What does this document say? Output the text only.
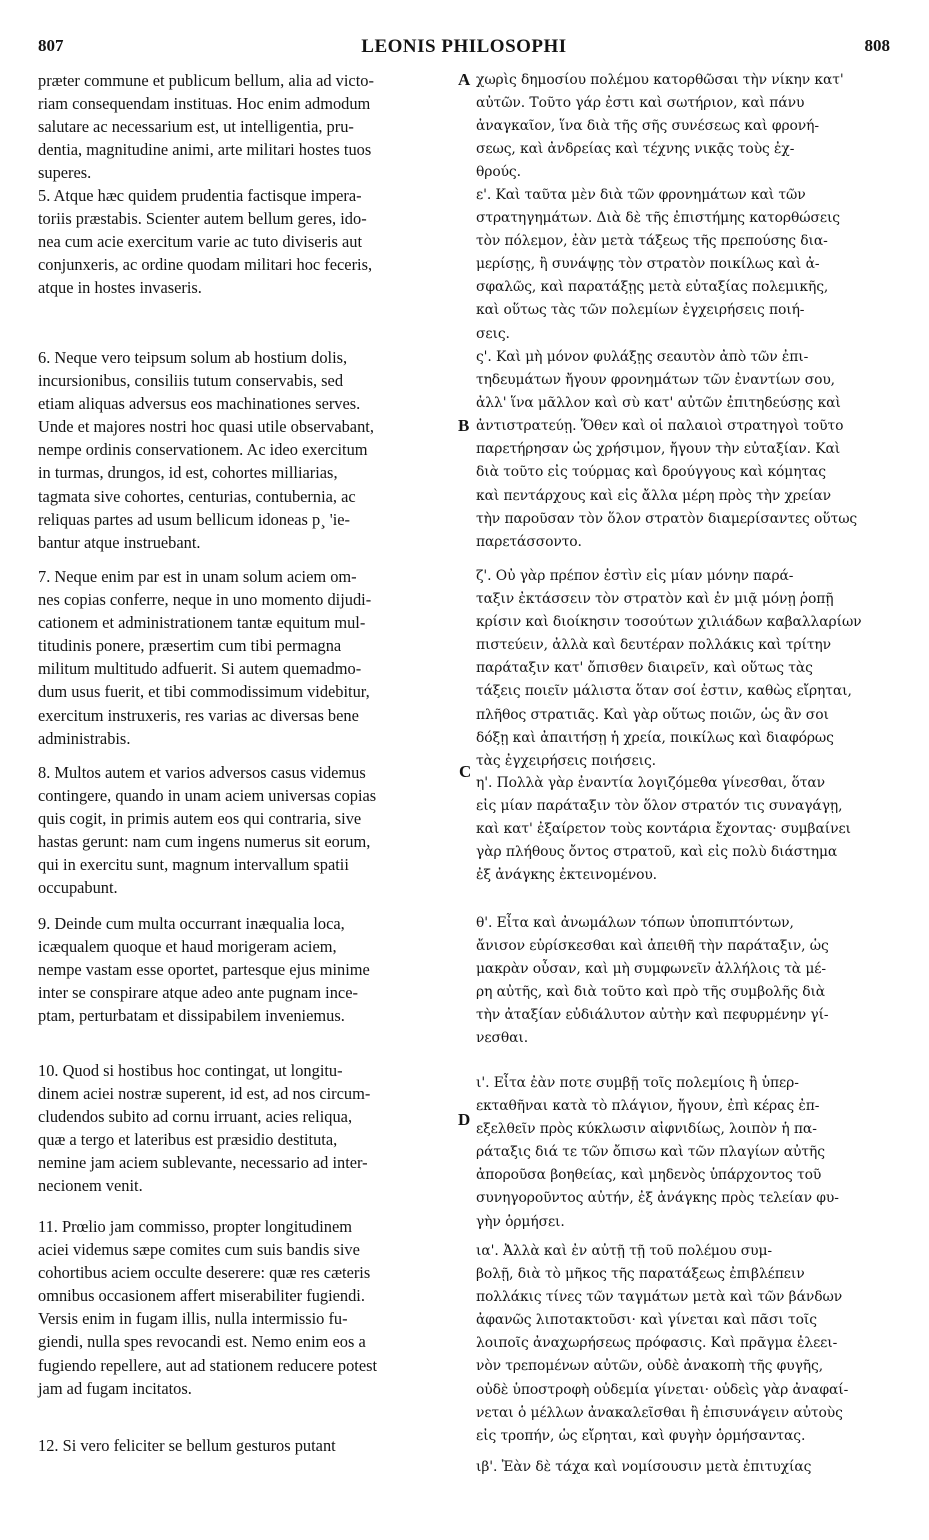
807	LEONIS PHILOSOPHI	808
A
B
C
D

præter commune et publicum bellum, alia ad victo-
riam consequendam instituas. Hoc enim admodum
salutare ac necessarium est, ut intelligentia, pru-
dentia, magnitudine animi, arte militari hostes tuos
superes.

5. Atque hæc quidem prudentia factisque impera-
toriis præstabis. Scienter autem bellum geres, ido-
nea cum acie exercitum varie ac tuto diviseris aut
conjunxeris, ac ordine quodam militari hoc feceris,
atque in hostes invaseris.

6. Neque vero teipsum solum ab hostium dolis,
incursionibus, consiliis tutum conservabis, sed
etiam aliquas adversus eos machinationes serves.
Unde et majores nostri hoc quasi utile observabant,
nempe ordinis conservationem. Ac ideo exercitum
in turmas, drungos, id est, cohortes milliarias,
tagmata sive cohortes, centurias, contubernia, ac
reliquas partes ad usum bellicum idoneas p¸ 'ie-
bantur atque instruebant.

7. Neque enim par est in unam solum aciem om-
nes copias conferre, neque in uno momento dijudi-
cationem et administrationem tantæ equitum mul-
titudinis ponere, præsertim cum tibi permagna
militum multitudo adfuerit. Si autem quemadmo-
dum usus fuerit, et tibi commodissimum videbitur,
exercitum instruxeris, res varias ac diversas bene
administrabis.

8. Multos autem et varios adversos casus videmus
contingere, quando in unam aciem universas copias
quis cogit, in primis autem eos qui contraria, sive
hastas gerunt: nam cum ingens numerus sit eorum,
qui in exercitu sunt, magnum intervallum spatii
occupabunt.

9. Deinde cum multa occurrant inæqualia loca,
icæqualem quoque et haud morigeram aciem,
nempe vastam esse oportet, partesque ejus minime
inter se conspirare atque adeo ante pugnam ince-
ptam, perturbatam et dissipabilem inveniemus.

10. Quod si hostibus hoc contingat, ut longitu-
dinem aciei nostræ superent, id est, ad nos circum-
cludendos subito ad cornu irruant, acies reliqua,
quæ a tergo et lateribus est præsidio destituta,
nemine jam aciem sublevante, necessario ad inter-
necionem venit.

11. Prœlio jam commisso, propter longitudinem
aciei videmus sæpe comites cum suis bandis sive
cohortibus aciem occulte deserere: quæ res cæteris
omnibus occasionem affert miserabiliter fugiendi.
Versis enim in fugam illis, nulla intermissio fu-
giendi, nulla spes revocandi est. Nemo enim eos a
fugiendo repellere, aut ad stationem reducere potest
jam ad fugam incitatos.

12. Si vero feliciter se bellum gesturos putant

χωρὶς δημοσίου πολέμου κατορθῶσαι τὴν νίκην κατ'
αὐτῶν. Τοῦτο γάρ ἐστι καὶ σωτήριον, καὶ πάνυ
ἀναγκαῖον, ἵνα διὰ τῆς σῆς συνέσεως καὶ φρονή-
σεως, καὶ ἀνδρείας καὶ τέχνης νικᾷς τοὺς ἐχ-
θρούς.

ε'. Καὶ ταῦτα μὲν διὰ τῶν φρονημάτων καὶ τῶν
στρατηγημάτων. Διὰ δὲ τῆς ἐπιστήμης κατορθώσεις
τὸν πόλεμον, ἐὰν μετὰ τάξεως τῆς πρεπούσης δια-
μερίσῃς, ἢ συνάψῃς τὸν στρατὸν ποικίλως καὶ ἀ-
σφαλῶς, καὶ παρατάξῃς μετὰ εὐταξίας πολεμικῆς,
καὶ οὕτως τὰς τῶν πολεμίων ἐγχειρήσεις ποιή-
σεις.

ς'. Καὶ μὴ μόνον φυλάξῃς σεαυτὸν ἀπὸ τῶν ἐπι-
τηδευμάτων ἤγουν φρονημάτων τῶν ἐναντίων σου,
ἀλλ' ἵνα μᾶλλον καὶ σὺ κατ' αὐτῶν ἐπιτηδεύσῃς καὶ
ἀντιστρατεύῃ. Ὅθεν καὶ οἱ παλαιοὶ στρατηγοὶ τοῦτο
παρετήρησαν ὡς χρήσιμον, ἤγουν τὴν εὐταξίαν. Καὶ
διὰ τοῦτο εἰς τούρμας καὶ δρούγγους καὶ κόμητας
καὶ πεντάρχους καὶ εἰς ἄλλα μέρη πρὸς τὴν χρείαν
τὴν παροῦσαν τὸν ὅλον στρατὸν διαμερίσαντες οὕτως
παρετάσσοντο.

ζ'. Οὐ γὰρ πρέπον ἐστὶν εἰς μίαν μόνην παρά-
ταξιν ἐκτάσσειν τὸν στρατὸν καὶ ἐν μιᾷ μόνῃ ῥοπῇ
κρίσιν καὶ διοίκησιν τοσούτων χιλιάδων καβαλλαρίων
πιστεύειν, ἀλλὰ καὶ δευτέραν πολλάκις καὶ τρίτην
παράταξιν κατ' ὄπισθεν διαιρεῖν, καὶ οὕτως τὰς
τάξεις ποιεῖν μάλιστα ὅταν σοί ἐστιν, καθὼς εἴρηται,
πλῆθος στρατιᾶς. Καὶ γὰρ οὕτως ποιῶν, ὡς ἂν σοι
δόξῃ καὶ ἀπαιτήσῃ ἡ χρεία, ποικίλως καὶ διαφόρως
τὰς ἐγχειρήσεις ποιήσεις.

η'. Πολλὰ γὰρ ἐναντία λογιζόμεθα γίνεσθαι, ὅταν
εἰς μίαν παράταξιν τὸν ὅλον στρατόν τις συναγάγῃ,
καὶ κατ' ἐξαίρετον τοὺς κοντάρια ἔχοντας· συμβαίνει
γὰρ πλήθους ὄντος στρατοῦ, καὶ εἰς πολὺ διάστημα
ἐξ ἀνάγκης ἐκτεινομένου.

θ'. Εἶτα καὶ ἀνωμάλων τόπων ὑποπιπτόντων,
ἄνισον εὑρίσκεσθαι καὶ ἀπειθῆ τὴν παράταξιν, ὡς
μακρὰν οὖσαν, καὶ μὴ συμφωνεῖν ἀλλήλοις τὰ μέ-
ρη αὐτῆς, καὶ διὰ τοῦτο καὶ πρὸ τῆς συμβολῆς διὰ
τὴν ἀταξίαν εὐδιάλυτον αὐτὴν καὶ πεφυρμένην γί-
νεσθαι.

ι'. Εἶτα ἐὰν ποτε συμβῇ τοῖς πολεμίοις ἢ ὑπερ-
εκταθῆναι κατὰ τὸ πλάγιον, ἤγουν, ἐπὶ κέρας ἐπ-
εξελθεῖν πρὸς κύκλωσιν αἰφνιδίως, λοιπὸν ἡ πα-
ράταξις διά τε τῶν ὄπισω καὶ τῶν πλαγίων αὐτῆς
ἀποροῦσα βοηθείας, καὶ μηδενὸς ὑπάρχοντος τοῦ
συνηγοροῦντος αὐτήν, ἐξ ἀνάγκης πρὸς τελείαν φυ-
γὴν ὁρμήσει.

ια'. Ἀλλὰ καὶ ἐν αὐτῇ τῇ τοῦ πολέμου συμ-
βολῇ, διὰ τὸ μῆκος τῆς παρατάξεως ἐπιβλέπειν
πολλάκις τίνες τῶν ταγμάτων μετὰ καὶ τῶν βάνδων
ἀφανῶς λιποτακτοῦσι· καὶ γίνεται καὶ πᾶσι τοῖς
λοιποῖς ἀναχωρήσεως πρόφασις. Καὶ πρᾶγμα ἐλεει-
νὸν τρεπομένων αὐτῶν, οὐδὲ ἀνακοπὴ τῆς φυγῆς,
οὐδὲ ὑποστροφὴ οὐδεμία γίνεται· οὐδεὶς γὰρ ἀναφαί-
νεται ὁ μέλλων ἀνακαλεῖσθαι ἢ ἐπισυνάγειν αὐτοὺς
εἰς τροπήν, ὡς εἴρηται, καὶ φυγὴν ὁρμήσαντας.

ιβ'. Ἐὰν δὲ τάχα καὶ νομίσουσιν μετὰ ἐπιτυχίας
